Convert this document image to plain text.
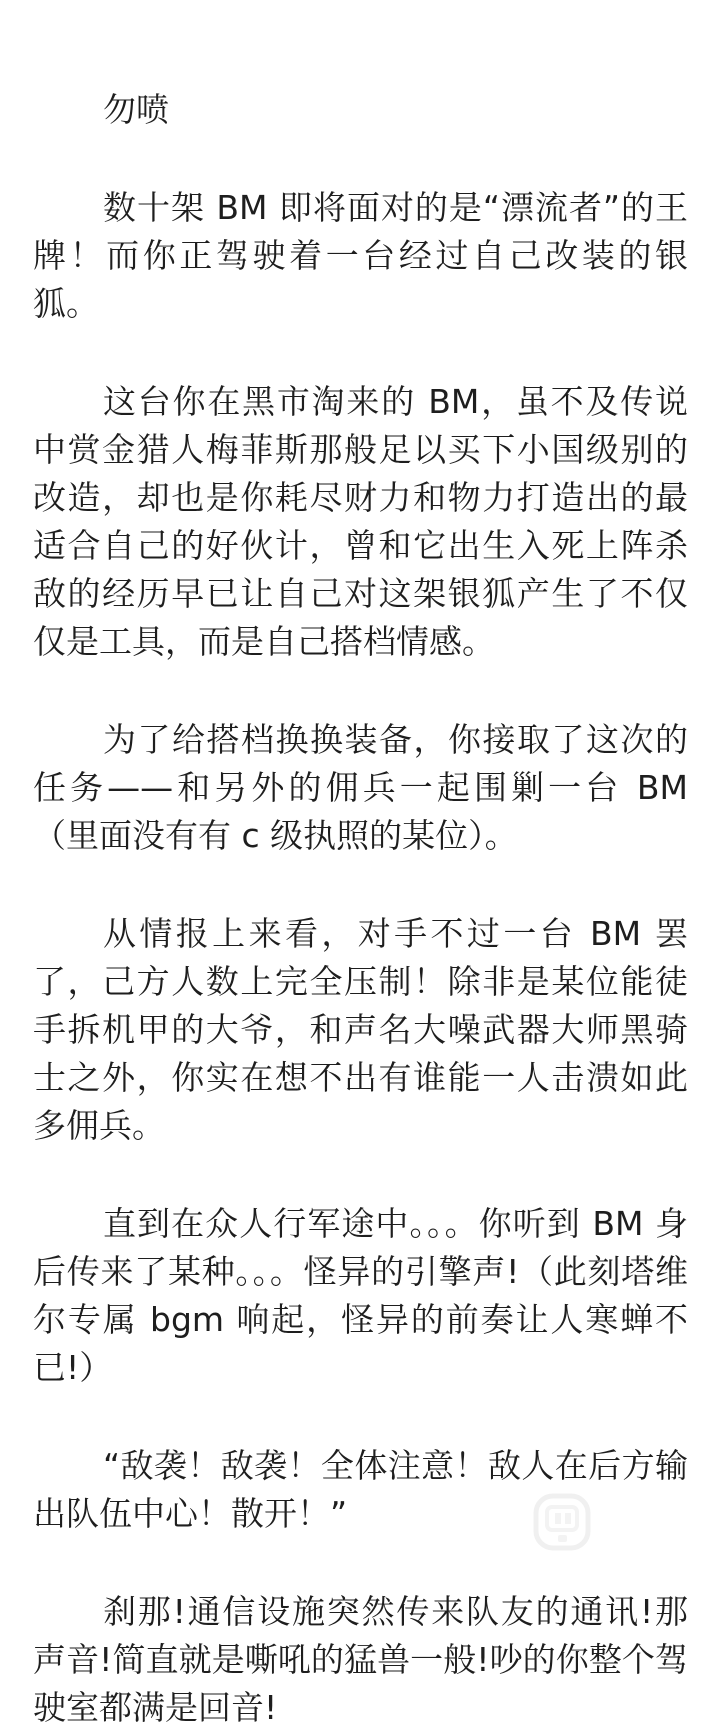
勿喷

数十架 BM 即将面对的是“漂流者”的王牌！而你正驾驶着一台经过自己改装的银狐。

这台你在黑市淘来的 BM，虽不及传说中赏金猎人梅菲斯那般足以买下小国级别的改造，却也是你耗尽财力和物力打造出的最适合自己的好伙计，曾和它出生入死上阵杀敌的经历早已让自己对这架银狐产生了不仅仅是工具，而是自己搭档情感。

为了给搭档换换装备，你接取了这次的任务——和另外的佣兵一起围剿一台 BM（里面没有有 c 级执照的某位）。

从情报上来看，对手不过一台 BM 罢了，己方人数上完全压制！除非是某位能徒手拆机甲的大爷，和声名大噪武器大师黑骑士之外，你实在想不出有谁能一人击溃如此多佣兵。

直到在众人行军途中。。。你听到 BM 身后传来了某种。。。怪异的引擎声!（此刻塔维尔专属 bgm 响起，怪异的前奏让人寒蝉不已!）

“敌袭！敌袭！全体注意！敌人在后方输出队伍中心！散开！”

刹那!通信设施突然传来队友的通讯!那声音!简直就是嘶吼的猛兽一般!吵的你整个驾驶室都满是回音!
